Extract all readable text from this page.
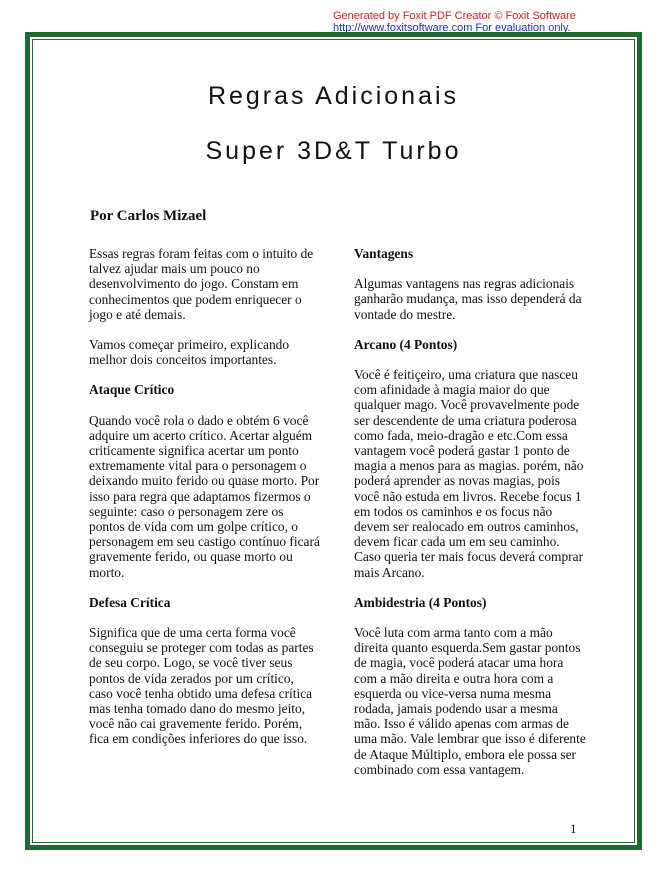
Generated by Foxit PDF Creator © Foxit Software
http://www.foxitsoftware.com For evaluation only.
Regras Adicionais
Super 3D&T Turbo
Por Carlos Mizael

Essas regras foram feitas com o intuito de talvez ajudar mais um pouco no desenvolvimento do jogo. Constam em conhecimentos que podem enriquecer o jogo e até demais.

Vamos começar primeiro, explicando melhor dois conceitos importantes.

Ataque Crítico

Quando você rola o dado e obtém 6 você adquire um acerto crítico. Acertar alguém criticamente significa acertar um ponto extremamente vital para o personagem o deixando muito ferido ou quase morto. Por isso para regra que adaptamos fizermos o seguinte: caso o personagem zere os pontos de vida com um golpe crítico, o personagem em seu castigo contínuo ficará gravemente ferido, ou quase morto ou morto.

Defesa Crítica

Significa que de uma certa forma você conseguiu se proteger com todas as partes de seu corpo. Logo, se você tiver seus pontos de vida zerados por um crítico, caso você tenha obtido uma defesa crítica mas tenha tomado dano do mesmo jeito, você não cai gravemente ferido. Porém, fica em condições inferiores do que isso.

Vantagens

Algumas vantagens nas regras adicionais ganharão mudança, mas isso dependerá da vontade do mestre.

Arcano (4 Pontos)

Você é feitiçeiro, uma criatura que nasceu com afinidade à magia maior do que qualquer mago. Você provavelmente pode ser descendente de uma criatura poderosa como fada, meio-dragão e etc.Com essa vantagem você poderá gastar 1 ponto de magia a menos para as magias. porém, não poderá aprender as novas magias, pois você não estuda em livros. Recebe focus 1 em todos os caminhos e os focus não devem ser realocado em outros caminhos, devem ficar cada um em seu caminho. Caso queria ter mais focus deverá comprar mais Arcano.

Ambidestria (4 Pontos)

Você luta com arma tanto com a mão direita quanto esquerda.Sem gastar pontos de magia, você poderá atacar uma hora com a mão direita e outra hora com a esquerda ou vice-versa numa mesma rodada, jamais podendo usar a mesma mão. Isso é válido apenas com armas de uma mão. Vale lembrar que isso é diferente de Ataque Múltiplo, embora ele possa ser combinado com essa vantagem.

1
